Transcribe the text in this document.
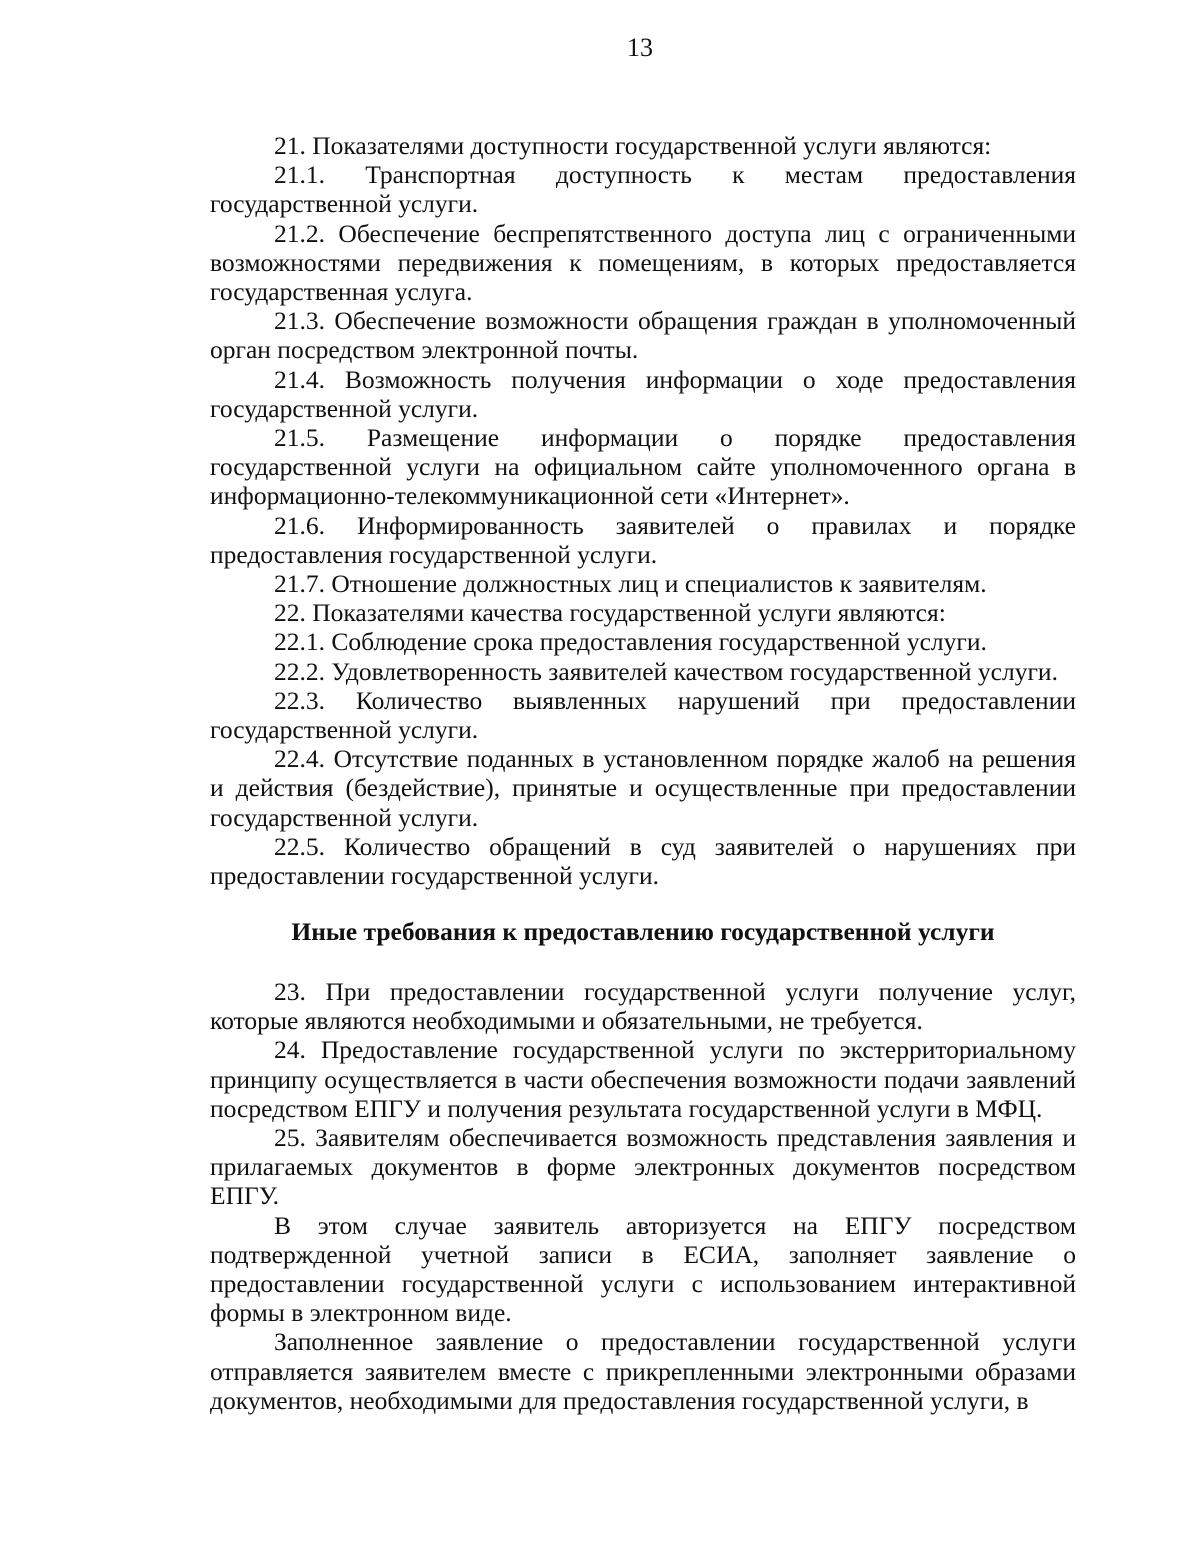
13

21. Показателями доступности государственной услуги являются:

21.1. Транспортная доступность к местам предоставления государственной услуги.

21.2. Обеспечение беспрепятственного доступа лиц с ограниченными возможностями передвижения к помещениям, в которых предоставляется государственная услуга.

21.3. Обеспечение возможности обращения граждан в уполномоченный орган посредством электронной почты.

21.4. Возможность получения информации о ходе предоставления государственной услуги.

21.5. Размещение информации о порядке предоставления государственной услуги на официальном сайте уполномоченного органа в информационно-телекоммуникационной сети «Интернет».

21.6. Информированность заявителей о правилах и порядке предоставления государственной услуги.

21.7. Отношение должностных лиц и специалистов к заявителям.

22. Показателями качества государственной услуги являются:

22.1. Соблюдение срока предоставления государственной услуги.

22.2. Удовлетворенность заявителей качеством государственной услуги.

22.3. Количество выявленных нарушений при предоставлении государственной услуги.

22.4. Отсутствие поданных в установленном порядке жалоб на решения и действия (бездействие), принятые и осуществленные при предоставлении государственной услуги.

22.5. Количество обращений в суд заявителей о нарушениях при предоставлении государственной услуги.

Иные требования к предоставлению государственной услуги

23. При предоставлении государственной услуги получение услуг, которые являются необходимыми и обязательными, не требуется.

24. Предоставление государственной услуги по экстерриториальному принципу осуществляется в части обеспечения возможности подачи заявлений посредством ЕПГУ и получения результата государственной услуги в МФЦ.

25. Заявителям обеспечивается возможность представления заявления и прилагаемых документов в форме электронных документов посредством ЕПГУ.

В этом случае заявитель авторизуется на ЕПГУ посредством подтвержденной учетной записи в ЕСИА, заполняет заявление о предоставлении государственной услуги с использованием интерактивной формы в электронном виде.

Заполненное заявление о предоставлении государственной услуги отправляется заявителем вместе с прикрепленными электронными образами документов, необходимыми для предоставления государственной услуги, в
